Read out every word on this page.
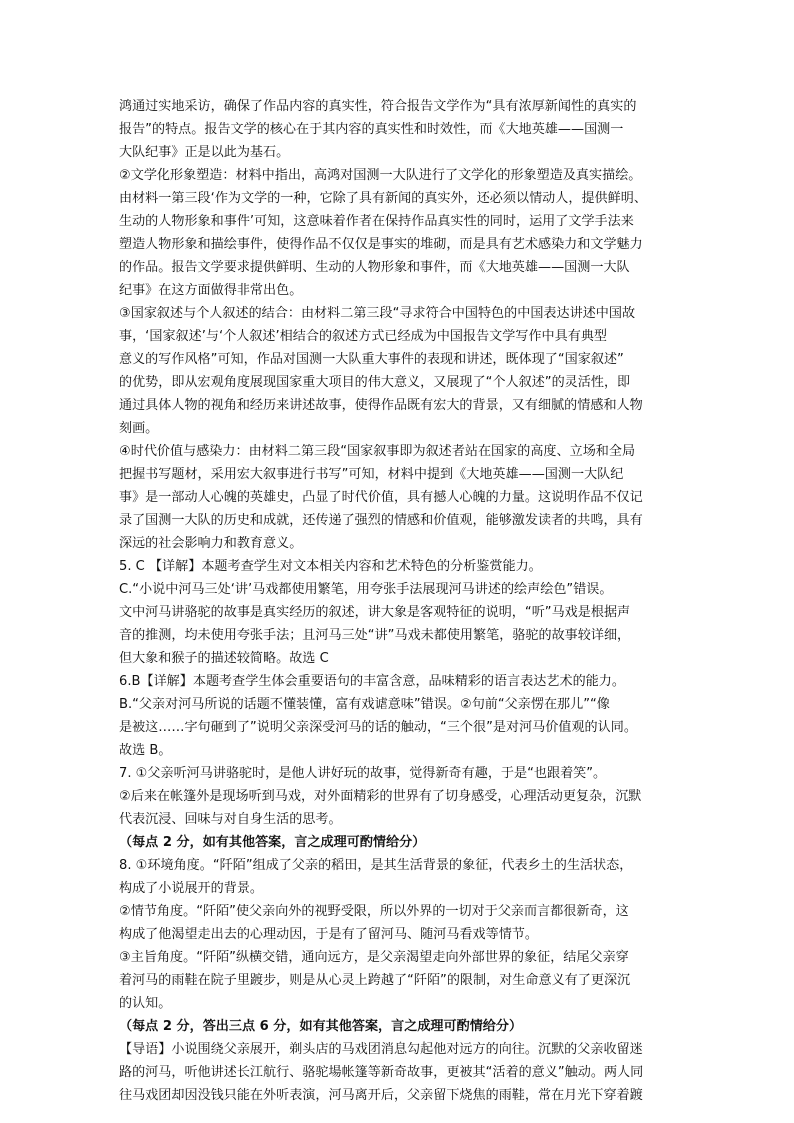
鸿通过实地采访，确保了作品内容的真实性，符合报告文学作为“具有浓厚新闻性的真实的
报告”的特点。报告文学的核心在于其内容的真实性和时效性，而《大地英雄——国测一
大队纪事》正是以此为基石。
②文学化形象塑造：材料中指出，高鸿对国测一大队进行了文学化的形象塑造及真实描绘。
由材料一第三段‘作为文学的一种，它除了具有新闻的真实外，还必须以情动人，提供鲜明、
生动的人物形象和事件’可知，这意味着作者在保持作品真实性的同时，运用了文学手法来
塑造人物形象和描绘事件，使得作品不仅仅是事实的堆砌，而是具有艺术感染力和文学魅力
的作品。报告文学要求提供鲜明、生动的人物形象和事件，而《大地英雄——国测一大队
纪事》在这方面做得非常出色。
③国家叙述与个人叙述的结合：由材料二第三段“寻求符合中国特色的中国表达讲述中国故
事，‘国家叙述’与‘个人叙述’相结合的叙述方式已经成为中国报告文学写作中具有典型
意义的写作风格”可知，作品对国测一大队重大事件的表现和讲述，既体现了“国家叙述”
的优势，即从宏观角度展现国家重大项目的伟大意义，又展现了“个人叙述”的灵活性，即
通过具体人物的视角和经历来讲述故事，使得作品既有宏大的背景，又有细腻的情感和人物
刻画。
④时代价值与感染力：由材料二第三段“国家叙事即为叙述者站在国家的高度、立场和全局
把握书写题材，采用宏大叙事进行书写”可知，材料中提到《大地英雄——国测一大队纪
事》是一部动人心魄的英雄史，凸显了时代价值，具有撼人心魄的力量。这说明作品不仅记
录了国测一大队的历史和成就，还传递了强烈的情感和价值观，能够激发读者的共鸣，具有
深远的社会影响力和教育意义。
5. C 【详解】本题考查学生对文本相关内容和艺术特色的分析鉴赏能力。
C.“小说中河马三处‘讲’马戏都使用繁笔，用夸张手法展现河马讲述的绘声绘色”错误。
文中河马讲骆驼的故事是真实经历的叙述，讲大象是客观特征的说明，“听”马戏是根据声
音的推测，均未使用夸张手法；且河马三处“讲”马戏未都使用繁笔，骆驼的故事较详细，
但大象和猴子的描述较简略。故选 C
6.B【详解】本题考查学生体会重要语句的丰富含意，品味精彩的语言表达艺术的能力。
B.“父亲对河马所说的话题不懂装懂，富有戏谑意味”错误。②句前“父亲愣在那儿”“像
是被这……字句砸到了”说明父亲深受河马的话的触动，“三个很”是对河马价值观的认同。
故选 B。
7. ①父亲听河马讲骆驼时，是他人讲好玩的故事，觉得新奇有趣，于是“也跟着笑”。
②后来在帐篷外是现场听到马戏，对外面精彩的世界有了切身感受，心理活动更复杂，沉默
代表沉浸、回味与对自身生活的思考。
（每点 2 分，如有其他答案，言之成理可酌情给分）
8. ①环境角度。“阡陌”组成了父亲的稻田，是其生活背景的象征，代表乡土的生活状态，
构成了小说展开的背景。
②情节角度。“阡陌”使父亲向外的视野受限，所以外界的一切对于父亲而言都很新奇，这
构成了他渴望走出去的心理动因，于是有了留河马、随河马看戏等情节。
③主旨角度。“阡陌”纵横交错，通向远方，是父亲渴望走向外部世界的象征，结尾父亲穿
着河马的雨鞋在院子里踱步，则是从心灵上跨越了“阡陌”的限制，对生命意义有了更深沉
的认知。
（每点 2 分，答出三点 6 分，如有其他答案，言之成理可酌情给分）
【导语】小说围绕父亲展开，剃头店的马戏团消息勾起他对远方的向往。沉默的父亲收留迷
路的河马，听他讲述长江航行、骆驼場帐篷等新奇故事，更被其“活着的意义”触动。两人同
往马戏团却因没钱只能在外听表演，河马离开后，父亲留下烧焦的雨鞋，常在月光下穿着踱
